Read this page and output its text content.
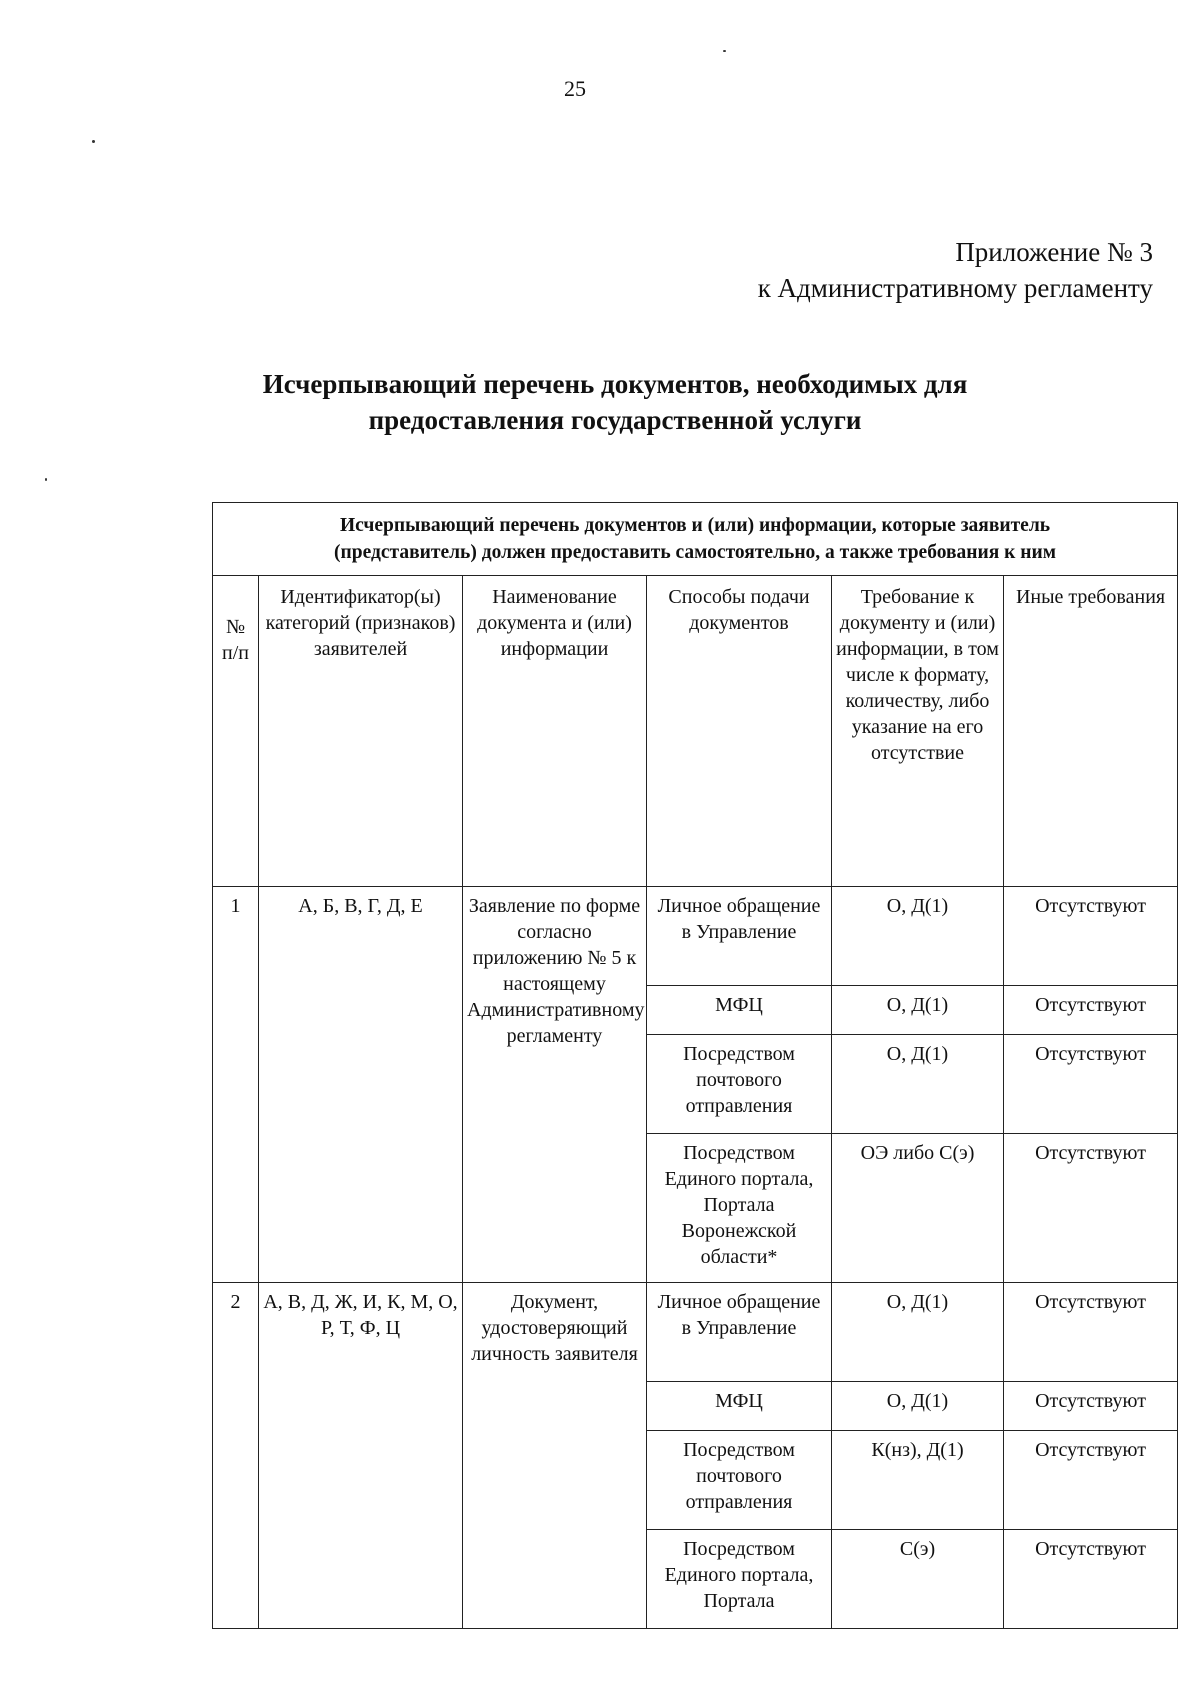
25
Приложение № 3
к Административному регламенту
Исчерпывающий перечень документов, необходимых для
предоставления государственной услуги
Исчерпывающий перечень документов и (или) информации, которые заявитель
(представитель) должен предоставить самостоятельно, а также требования к ним					

№ п/п	Идентификатор(ы) категорий (признаков) заявителей	Наименование документа и (или) информации	Способы подачи документов	Требование к документу и (или) информации, в том числе к формату, количеству, либо указание на его отсутствие	Иные требования
1	А, Б, В, Г, Д, Е	Заявление по форме согласно приложению № 5 к настоящему Административному регламенту	Личное обращение в Управление	О, Д(1)	Отсутствуют
			МФЦ	О, Д(1)	Отсутствуют
			Посредством почтового отправления	О, Д(1)	Отсутствуют
			Посредством Единого портала, Портала Воронежской области*	ОЭ либо С(э)	Отсутствуют
2	А, В, Д, Ж, И, К, М, О, Р, Т, Ф, Ц	Документ, удостоверяющий личность заявителя	Личное обращение в Управление	О, Д(1)	Отсутствуют
			МФЦ	О, Д(1)	Отсутствуют
			Посредством почтового отправления	К(нз), Д(1)	Отсутствуют
			Посредством Единого портала, Портала	С(э)	Отсутствуют
